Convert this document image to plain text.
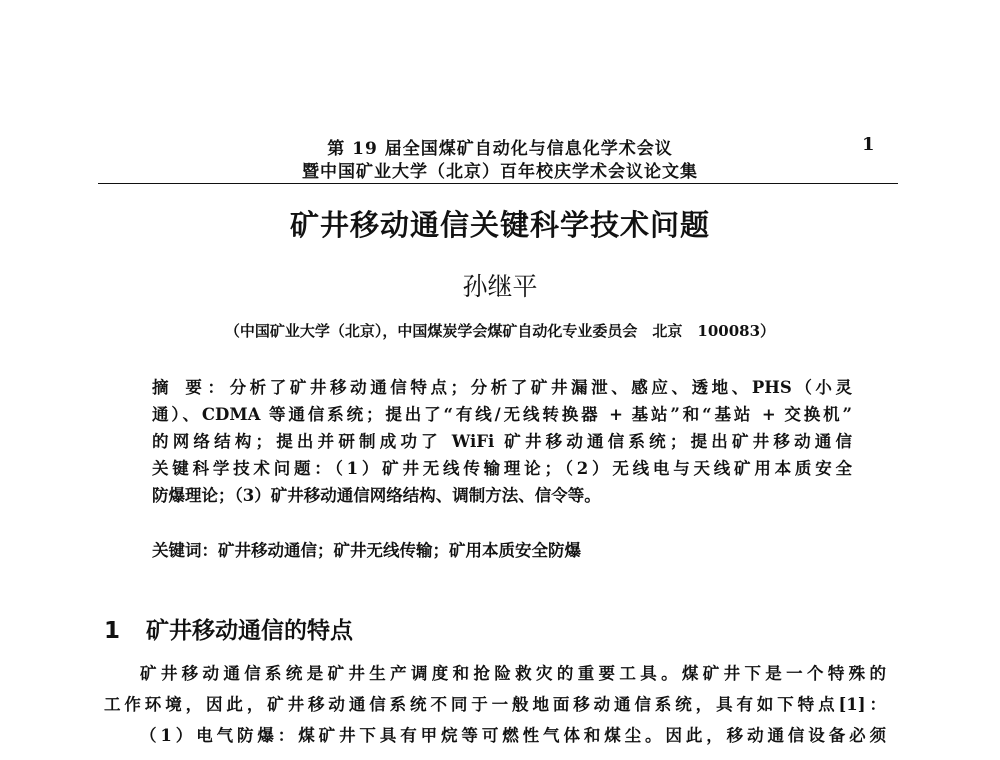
第 19 届全国煤矿自动化与信息化学术会议
暨中国矿业大学（北京）百年校庆学术会议论文集
1
矿井移动通信关键科学技术问题
孙继平
（中国矿业大学（北京），中国煤炭学会煤矿自动化专业委员会　北京　100083）
摘 要：分析了矿井移动通信特点；分析了矿井漏泄、感应、透地、PHS（小灵
通）、CDMA 等通信系统；提出了“有线/无线转换器 + 基站”和“基站 + 交换机”
的网络结构；提出并研制成功了 WiFi 矿井移动通信系统；提出矿井移动通信
关键科学技术问题：（1）矿井无线传输理论；（2）无线电与天线矿用本质安全
防爆理论；（3）矿井移动通信网络结构、调制方法、信令等。
关键词：矿井移动通信；矿井无线传输；矿用本质安全防爆
1 矿井移动通信的特点
矿井移动通信系统是矿井生产调度和抢险救灾的重要工具。煤矿井下是一个特殊的
工作环境，因此，矿井移动通信系统不同于一般地面移动通信系统，具有如下特点[1]：
（1）电气防爆：煤矿井下具有甲烷等可燃性气体和煤尘。因此，移动通信设备必须
